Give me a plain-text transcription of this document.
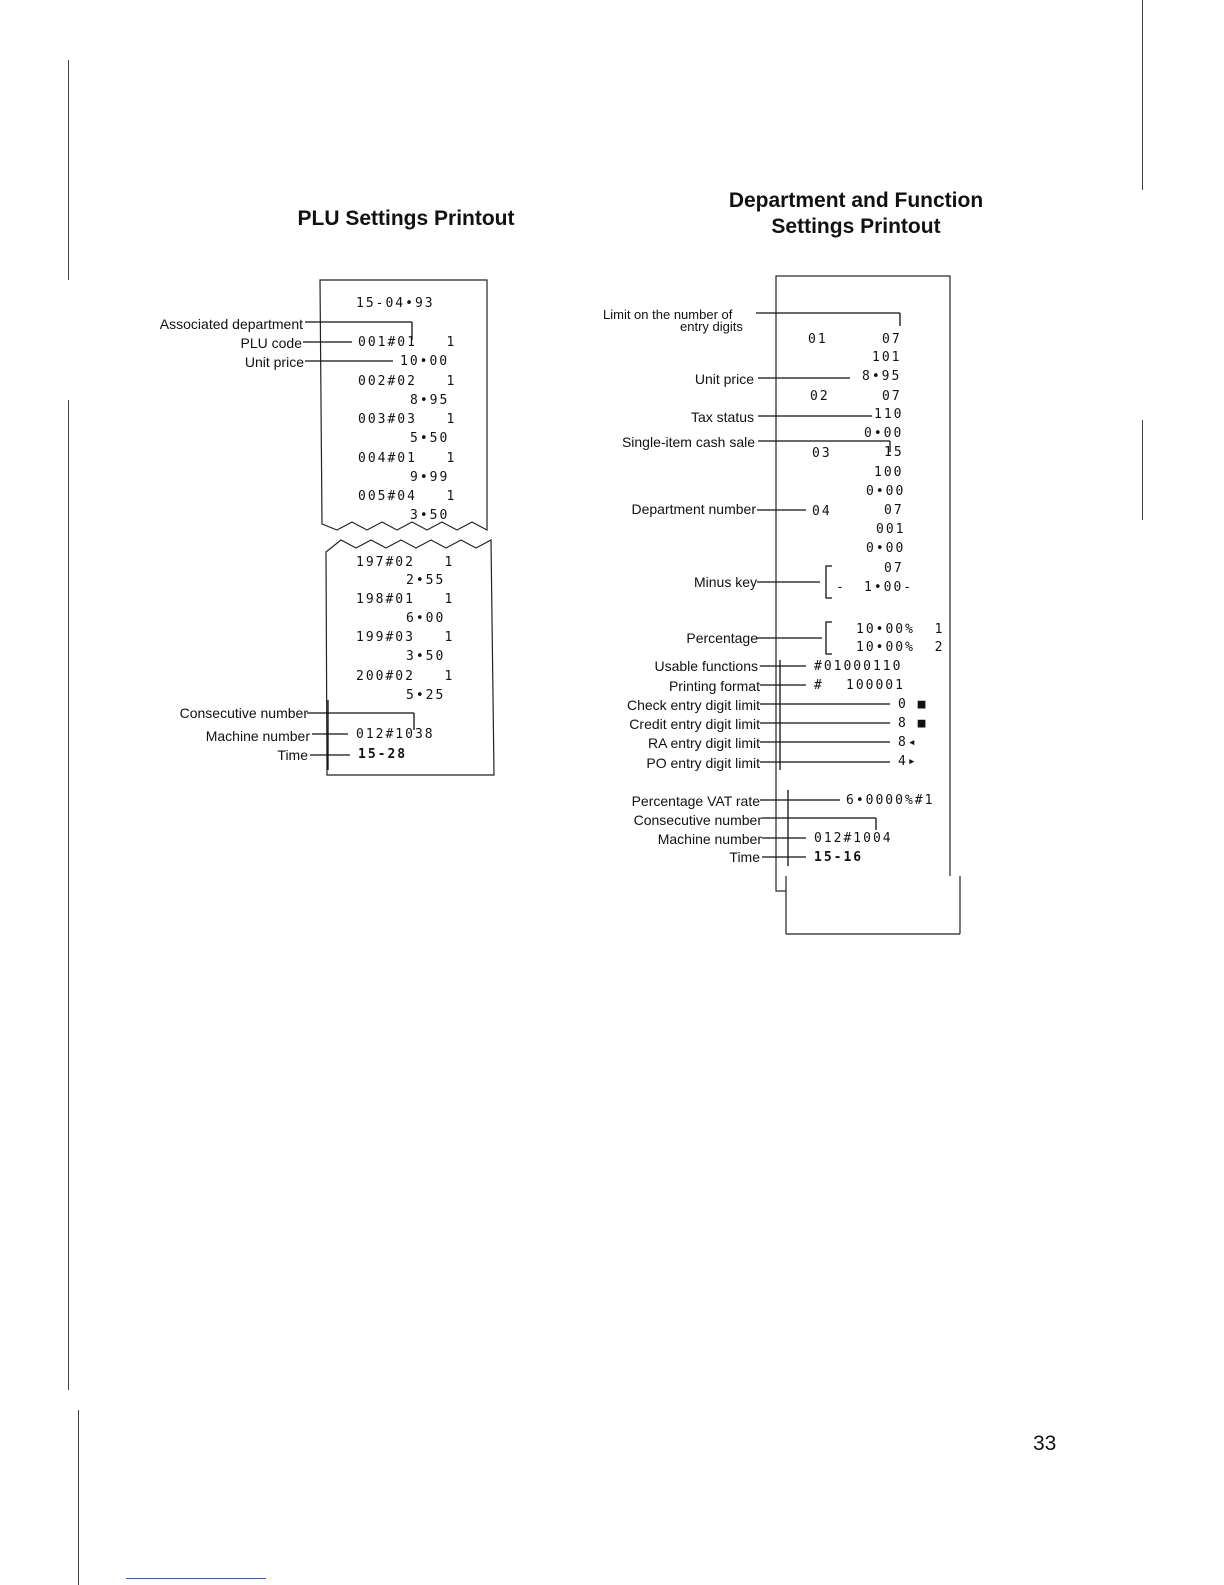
PLU Settings Printout
Associated department
PLU code
Unit price
Consecutive number
Machine number
Time
15-04•93
001#01   1
10•00
002#02   1
8•95
003#03   1
5•50
004#01   1
9•99
005#04   1
3•50
197#02   1
2•55
198#01   1
6•00
199#03   1
3•50
200#02   1
5•25
012#1038
15-28
Department and Function
Settings Printout
Limit on the number of
entry digits
Unit price
Tax status
Single-item cash sale
Department number
Minus key
Percentage
Usable functions
Printing format
Check entry digit limit
Credit entry digit limit
RA entry digit limit
PO entry digit limit
Percentage VAT rate
Consecutive number
Machine number
Time
01	07
101
8•95
02	07
110
0•00
03	15
100
0•00
04	07
001
0•00
07
- 1•00-
10•00%  1
10•00%  2
#01000110
# 100001
0 ■
8 ■
8◂
4▸
6•0000%#1
012#1004
15-16
33
